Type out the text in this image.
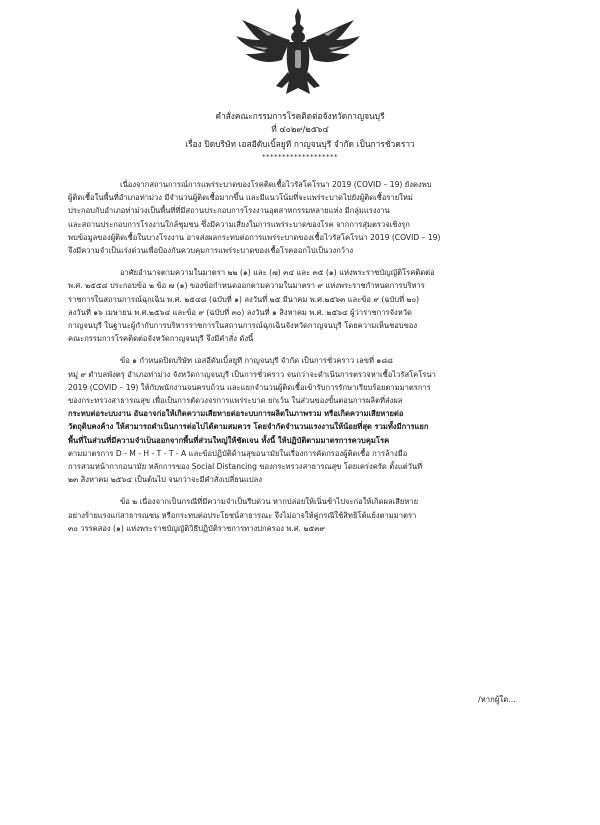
คำสั่งคณะกรรมการโรคติดต่อจังหวัดกาญจนบุรี
ที่ ๔๐๒๙/๒๕๖๔
เรื่อง ปิดบริษัท เอสอีดับเบิ้ลยูที กาญจนบุรี จำกัด เป็นการชั่วคราว
*******************
เนื่องจากสถานการณ์การแพร่ระบาดของโรคติดเชื้อไวรัสโคโรนา 2019 (COVID – 19) ยังคงพบ
ผู้ติดเชื้อในพื้นที่อำเภอท่าม่วง มีจำนวนผู้ติดเชื้อมากขึ้น และมีแนวโน้มที่จะแพร่ระบาดไปยังผู้ติดเชื้อรายใหม่
ประกอบกับอำเภอท่าม่วงเป็นพื้นที่ที่มีสถานประกอบการโรงงานอุตสาหกรรมหลายแห่ง มีกลุ่มแรงงาน
และสถานประกอบการโรงงานใกล้ชุมชน ซึ่งมีความเสี่ยงในการแพร่ระบาดของโรค จากการสุ่มตรวจเชิงรุก
พบข้อมูลของผู้ติดเชื้อในบางโรงงาน อาจส่งผลกระทบต่อการแพร่ระบาดของเชื้อไวรัสโคโรนา 2019 (COVID – 19)
จึงมีความจำเป็นเร่งด่วนเพื่อป้องกันควบคุมการแพร่ระบาดของเชื้อโรคออกไปเป็นวงกว้าง
อาศัยอำนาจตามความในมาตรา ๒๒ (๑) และ (๗) ๓๔ และ ๓๕ (๑) แห่งพระราชบัญญัติโรคติดต่อ
พ.ศ. ๒๕๕๘ ประกอบข้อ ๒ ข้อ ๗ (๑) ของข้อกำหนดออกตามความในมาตรา ๙ แห่งพระราชกำหนดการบริหาร
ราชการในสถานการณ์ฉุกเฉิน พ.ศ. ๒๕๔๘ (ฉบับที่ ๑) ลงวันที่ ๒๕ มีนาคม พ.ศ.๒๕๖๓ และข้อ ๙ (ฉบับที่ ๒๐)
ลงวันที่ ๑๖ เมษายน พ.ศ.๒๕๖๔ และข้อ ๙ (ฉบับที่ ๓๐) ลงวันที่ ๑ สิงหาคม พ.ศ. ๒๕๖๔ ผู้ว่าราชการจังหวัด
กาญจนบุรี ในฐานะผู้กำกับการบริหารราชการในสถานการณ์ฉุกเฉินจังหวัดกาญจนบุรี โดยความเห็นชอบของ
คณะกรรมการโรคติดต่อจังหวัดกาญจนบุรี จึงมีคำสั่ง ดังนี้
ข้อ ๑ กำหนดปิดบริษัท เอสอีดับเบิ้ลยูที กาญจนบุรี จำกัด เป็นการชั่วคราว เลขที่ ๑๘๘
หมู่ ๙ ตำบลพังตรุ อำเภอท่าม่วง จังหวัดกาญจนบุรี เป็นการชั่วคราว จนกว่าจะดำเนินการตรวจหาเชื้อไวรัสโคโรนา
2019 (COVID – 19) ให้กับพนักงานจนครบถ้วน และแยกจำนวนผู้ติดเชื้อเข้ารับการรักษาเรียบร้อยตามมาตรการ
ของกระทรวงสาธารณสุข เพื่อเป็นการตัดวงจรการแพร่ระบาด ยกเว้น ในส่วนของขั้นตอนการผลิตที่ส่งผล
กระทบต่อระบบงาน อันอาจก่อให้เกิดความเสียหายต่อระบบการผลิตในภาพรวม หรือเกิดความเสียหายต่อ
วัตถุดิบคงค้าง ให้สามารถดำเนินการต่อไปได้ตามสมควร โดยจำกัดจำนวนแรงงานให้น้อยที่สุด รวมทั้งมีการแยก
พื้นที่ในส่วนที่มีความจำเป็นออกจากพื้นที่ส่วนใหญ่ให้ชัดเจน ทั้งนี้ ให้ปฏิบัติตามมาตรการควบคุมโรค
ตามมาตรการ D - M - H - T - T - A และข้อปฏิบัติด้านสุขอนามัยในเรื่องการคัดกรองผู้ติดเชื้อ การล้างมือ
การสวมหน้ากากอนามัย หลักการของ Social Distancing ของกระทรวงสาธารณสุข โดยเคร่งครัด ตั้งแต่วันที่
๒๓ สิงหาคม ๒๕๖๔ เป็นต้นไป จนกว่าจะมีคำสั่งเปลี่ยนแปลง
ข้อ ๒ เนื่องจากเป็นกรณีที่มีความจำเป็นรีบด่วน หากปล่อยให้เนิ่นช้าไปจะก่อให้เกิดผลเสียหาย
อย่างร้ายแรงแก่สาธารณชน หรือกระทบต่อประโยชน์สาธารณะ จึงไม่อาจให้คู่กรณีใช้สิทธิโต้แย้งตามมาตรา
๓๐ วรรคสอง (๑) แห่งพระราชบัญญัติวิธีปฏิบัติราชการทางปกครอง พ.ศ. ๒๕๓๙
/หากผู้ใด...
